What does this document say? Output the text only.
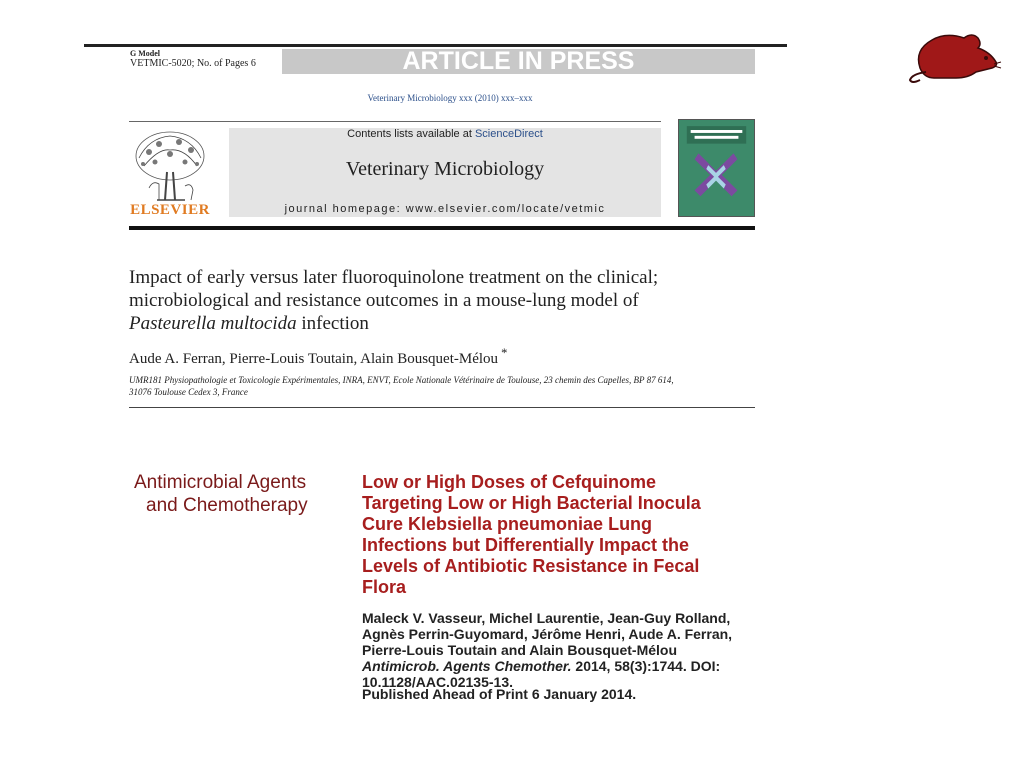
G Model
VETMIC-5020; No. of Pages 6	ARTICLE IN PRESS
Veterinary Microbiology xxx (2010) xxx–xxx
ELSEVIER
Contents lists available at ScienceDirect
Veterinary Microbiology
journal homepage: www.elsevier.com/locate/vetmic
Impact of early versus later fluoroquinolone treatment on the clinical;
microbiological and resistance outcomes in a mouse-lung model of
Pasteurella multocida infection
Aude A. Ferran, Pierre-Louis Toutain, Alain Bousquet-Mélou *
UMR181 Physiopathologie et Toxicologie Expérimentales, INRA, ENVT, Ecole Nationale Vétérinaire de Toulouse, 23 chemin des Capelles, BP 87 614,
31076 Toulouse Cedex 3, France
Antimicrobial Agents
and Chemotherapy
Low or High Doses of Cefquinome
Targeting Low or High Bacterial Inocula
Cure Klebsiella pneumoniae Lung
Infections but Differentially Impact the
Levels of Antibiotic Resistance in Fecal
Flora
Maleck V. Vasseur, Michel Laurentie, Jean-Guy Rolland,
Agnès Perrin-Guyomard, Jérôme Henri, Aude A. Ferran,
Pierre-Louis Toutain and Alain Bousquet-Mélou
Antimicrob. Agents Chemother. 2014, 58(3):1744. DOI:
10.1128/AAC.02135-13.
Published Ahead of Print 6 January 2014.
